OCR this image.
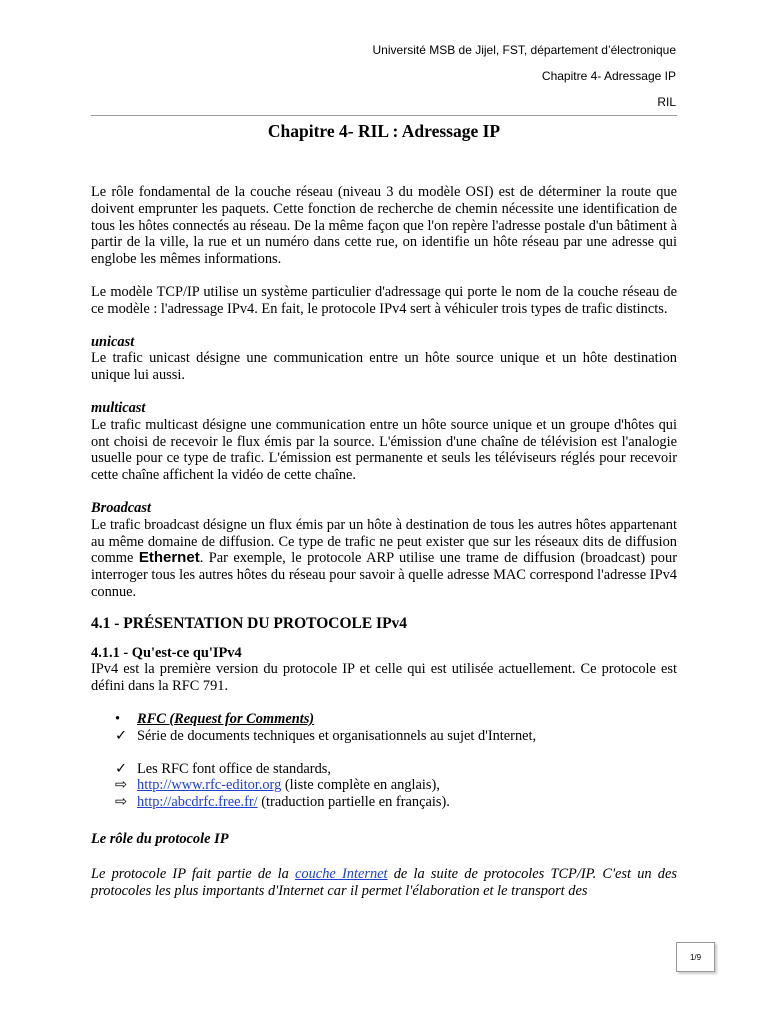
Université MSB de Jijel, FST, département d’électronique
Chapitre 4- Adressage IP
RIL
Chapitre 4- RIL : Adressage IP

Le rôle fondamental de la couche réseau (niveau 3 du modèle OSI) est de déterminer la route que doivent emprunter les paquets. Cette fonction de recherche de chemin nécessite une identification de tous les hôtes connectés au réseau. De la même façon que l'on repère l'adresse postale d'un bâtiment à partir de la ville, la rue et un numéro dans cette rue, on identifie un hôte réseau par une adresse qui englobe les mêmes informations.

Le modèle TCP/IP utilise un système particulier d'adressage qui porte le nom de la couche réseau de ce modèle : l'adressage IPv4. En fait, le protocole IPv4 sert à véhiculer trois types de trafic distincts.

unicast

Le trafic unicast désigne une communication entre un hôte source unique et un hôte destination unique lui aussi.

multicast

Le trafic multicast désigne une communication entre un hôte source unique et un groupe d'hôtes qui ont choisi de recevoir le flux émis par la source. L'émission d'une chaîne de télévision est l'analogie usuelle pour ce type de trafic. L'émission est permanente et seuls les téléviseurs réglés pour recevoir cette chaîne affichent la vidéo de cette chaîne.

Broadcast

Le trafic broadcast désigne un flux émis par un hôte à destination de tous les autres hôtes appartenant au même domaine de diffusion. Ce type de trafic ne peut exister que sur les réseaux dits de diffusion comme Ethernet. Par exemple, le protocole ARP utilise une trame de diffusion (broadcast) pour interroger tous les autres hôtes du réseau pour savoir à quelle adresse MAC correspond l'adresse IPv4 connue.

4.1 - PRÉSENTATION DU PROTOCOLE IPv4

4.1.1 - Qu'est-ce qu'IPv4

IPv4 est la première version du protocole IP et celle qui est utilisée actuellement. Ce protocole est défini dans la RFC 791.

• RFC (Request for Comments)
✓ Série de documents techniques et organisationnels au sujet d'Internet,
✓ Les RFC font office de standards,
⇨ http://www.rfc-editor.org (liste complète en anglais),
⇨ http://abcdrfc.free.fr/ (traduction partielle en français).

Le rôle du protocole IP

Le protocole IP fait partie de la couche Internet de la suite de protocoles TCP/IP. C'est un des protocoles les plus importants d'Internet car il permet l'élaboration et le transport des

1/9
